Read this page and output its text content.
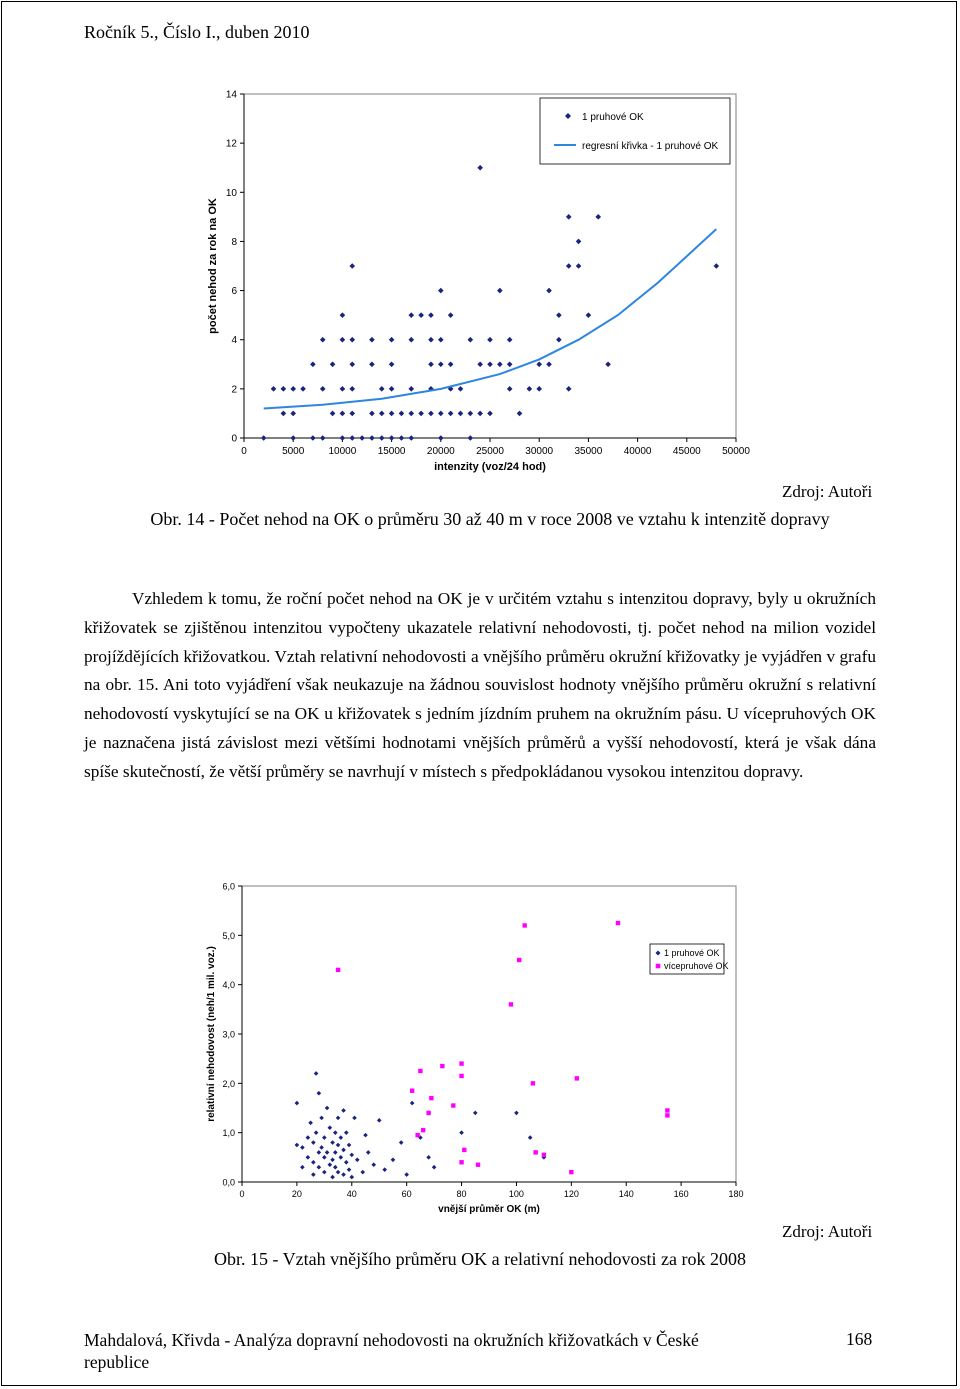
Ročník 5., Číslo I., duben 2010
0
2
4
6
8
10
12
14
0	5000 10000 15000 20000 25000 30000 35000 40000 45000 50000
intenzity (voz/24 hod)
počet nehod za rok na OK
1 pruhové OK
regresní křivka - 1 pruhové OK
Zdroj: Autoři
Obr. 14 - Počet nehod na OK o průměru 30 až 40 m v roce 2008 ve vztahu k intenzitě dopravy

Vzhledem k tomu, že roční počet nehod na OK je v určitém vztahu s intenzitou dopravy, byly u okružních křižovatek se zjištěnou intenzitou vypočteny ukazatele relativní nehodovosti, tj. počet nehod na milion vozidel projíždějících křižovatkou. Vztah relativní nehodovosti a vnějšího průměru okružní křižovatky je vyjádřen v grafu na obr. 15. Ani toto vyjádření však neukazuje na žádnou souvislost hodnoty vnějšího průměru okružní s relativní nehodovostí vyskytující se na OK u křižovatek s jedním jízdním pruhem na okružním pásu. U vícepruhových OK je naznačena jistá závislost mezi většími hodnotami vnějších průměrů a vyšší nehodovostí, která je však dána spíše skutečností, že větší průměry se navrhují v místech s předpokládanou vysokou intenzitou dopravy.

0,0
1,0
2,0
3,0
4,0
5,0
6,0
0	20	40	60	80	100	120	140	160	180
vnější průměr OK (m)
relativní nehodovost (neh/1 mil. voz.)	1 pruhové OK
vícepruhové OK
Zdroj: Autoři
Obr. 15 - Vztah vnějšího průměru OK a relativní nehodovosti za rok 2008
Mahdalová, Křivda - Analýza dopravní nehodovosti na okružních křižovatkách v České republice
168
